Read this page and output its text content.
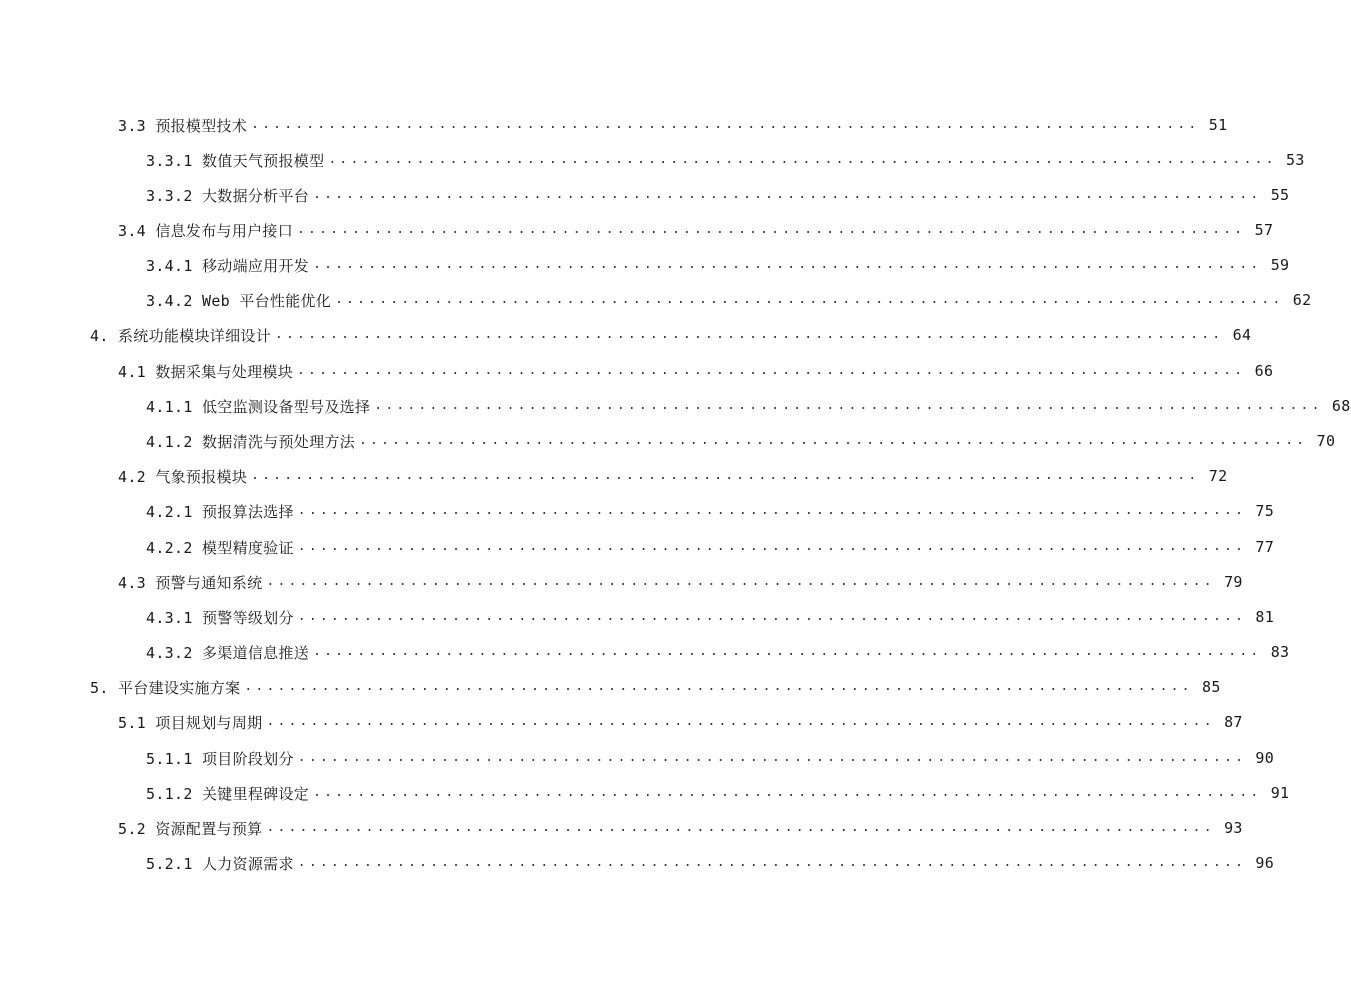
3.3 预报模型技术 ...................................................................................... 51
3.3.1 数值天气预报模型 ...................................................................................... 53
3.3.2 大数据分析平台 ...................................................................................... 55
3.4 信息发布与用户接口 ...................................................................................... 57
3.4.1 移动端应用开发 ...................................................................................... 59
3.4.2 Web 平台性能优化 ...................................................................................... 62
4. 系统功能模块详细设计 ...................................................................................... 64
4.1 数据采集与处理模块 ...................................................................................... 66
4.1.1 低空监测设备型号及选择 ...................................................................................... 68
4.1.2 数据清洗与预处理方法 ...................................................................................... 70
4.2 气象预报模块 ...................................................................................... 72
4.2.1 预报算法选择 ...................................................................................... 75
4.2.2 模型精度验证 ...................................................................................... 77
4.3 预警与通知系统 ...................................................................................... 79
4.3.1 预警等级划分 ...................................................................................... 81
4.3.2 多渠道信息推送 ...................................................................................... 83
5. 平台建设实施方案 ...................................................................................... 85
5.1 项目规划与周期 ...................................................................................... 87
5.1.1 项目阶段划分 ...................................................................................... 90
5.1.2 关键里程碑设定 ...................................................................................... 91
5.2 资源配置与预算 ...................................................................................... 93
5.2.1 人力资源需求 ...................................................................................... 96
